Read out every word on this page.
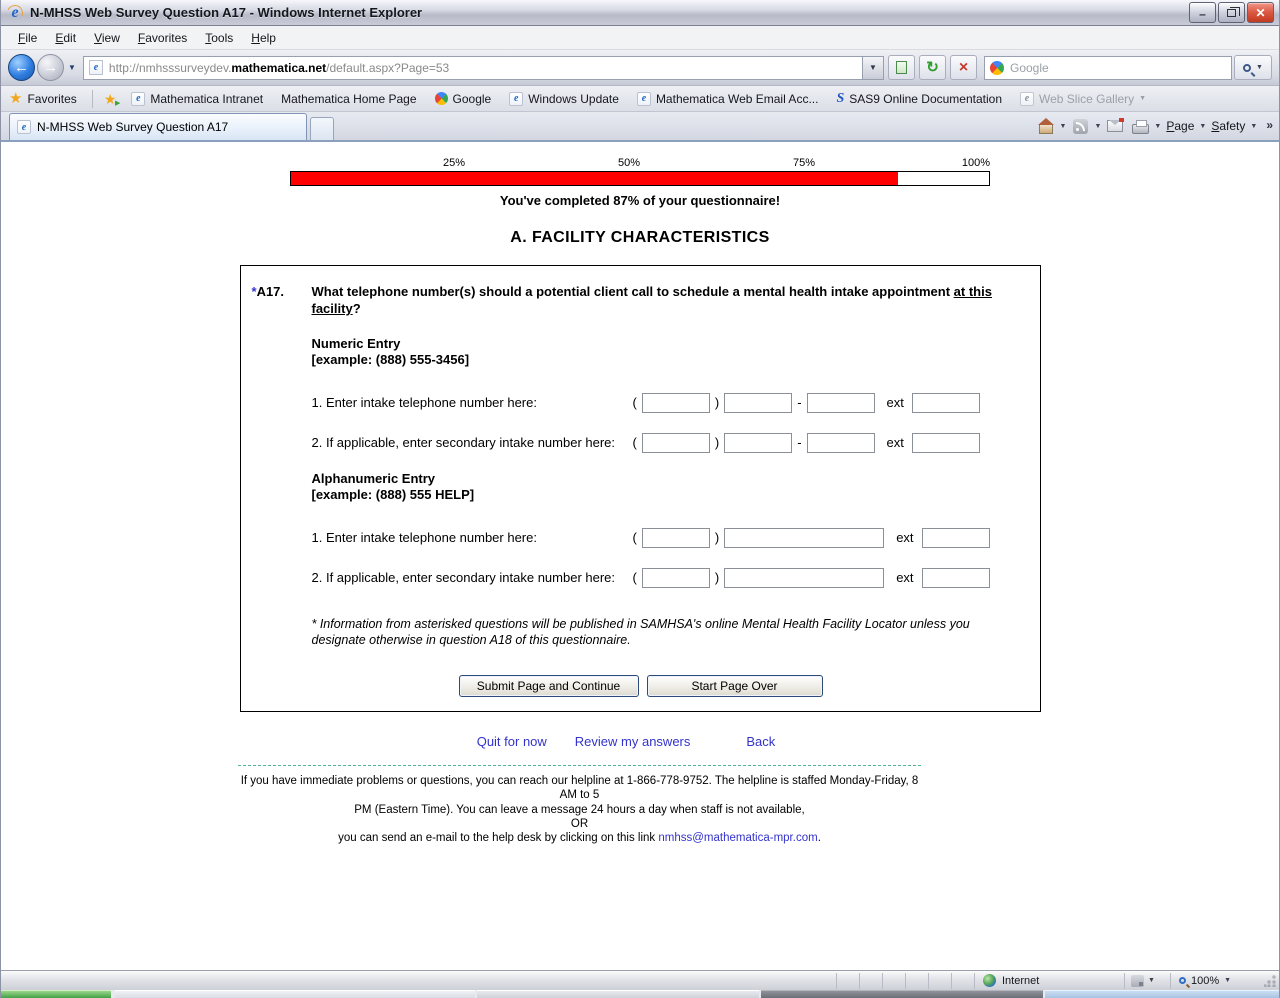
e
N-MHSS Web Survey Question A17 - Windows Internet Explorer	–	✕
File	Edit	View	Favorites	Tools	Help
← → ▼ e	http://nmhsssurveydev.mathematica.net/default.aspx?Page=53	▼ ↻ ×
Google	▼
★
Favorites ★ ▶ e	Mathematica Intranet Mathematica Home Page	Google e	Windows Update e	Mathematica Web Email Acc... S	SAS9 Online Documentation e	Web Slice Gallery ▼
e
N-MHSS Web Survey Question A17	▼	▼	▼ Page ▼ Safety ▼ »
25%	50%	75%	100%
You've completed 87% of your questionnaire!
A. FACILITY CHARACTERISTICS
*A17.	What telephone number(s) should a potential client call to schedule a mental health intake appointment at this facility?
Numeric Entry
[example: (888) 555-3456]
1. Enter intake telephone number here:	(	)	-	ext
2. If applicable, enter secondary intake number here:	(	)	-	ext
Alphanumeric Entry
[example: (888) 555 HELP]
1. Enter intake telephone number here:	(	)	ext
2. If applicable, enter secondary intake number here:	(	)	ext
* Information from asterisked questions will be published in SAMHSA's online Mental Health Facility Locator unless you designate otherwise in question A18 of this questionnaire.
Submit Page and Continue	Start Page Over
Quit for now Review my answers	Back
If you have immediate problems or questions, you can reach our helpline at 1-866-778-9752. The helpline is staffed Monday-Friday, 8 AM to 5
PM (Eastern Time). You can leave a message 24 hours a day when staff is not available,
OR
you can send an e-mail to the help desk by clicking on this link nmhss@mathematica-mpr.com.
Internet	▼	100% ▼
